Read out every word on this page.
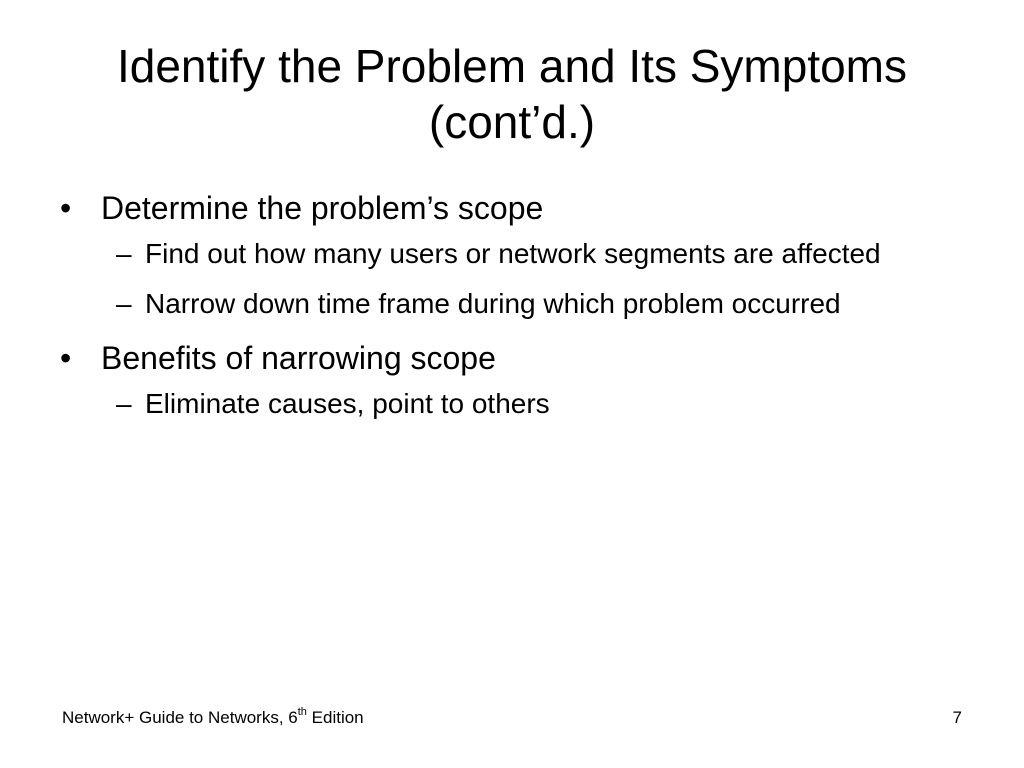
Identify the Problem and Its Symptoms
(cont’d.)
• Determine the problem’s scope
– Find out how many users or network segments are affected
– Narrow down time frame during which problem occurred
• Benefits of narrowing scope
– Eliminate causes, point to others
Network+ Guide to Networks, 6th Edition	7
